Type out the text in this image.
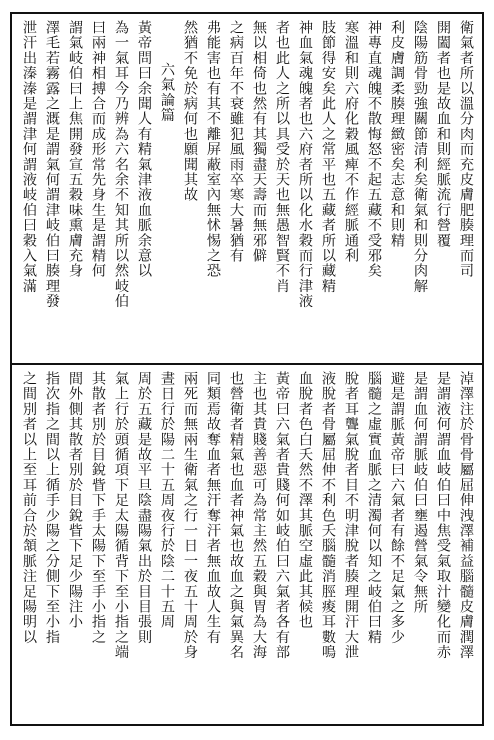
衛氣者所以溫分肉而充皮膚肥腠理而司
開闔者也是故血和則經脈流行營覆
陰陽筋骨勁強關節清利矣衛氣和則分肉解
利皮膚調柔腠理緻密矣志意和則精
神專直魂魄不散悔怒不起五藏不受邪矣
寒溫和則六府化穀風痺不作經脈通利
肢節得安矣此人之常平也五藏者所以藏精
神血氣魂魄者也六府者所以化水穀而行津液
者也此人之所以具受於天也無愚智賢不肖
無以相倚也然有其獨盡天壽而無邪僻
之病百年不衰雖犯風雨卒寒大暑猶有
弗能害也有其不離屏蔽室內無怵惕之恐
然猶不免於病何也願聞其故
六氣論篇
黃帝問曰余聞人有精氣津液血脈余意以
為一氣耳今乃辨為六名余不知其所以然岐伯
曰兩神相搏合而成形常先身生是謂精何
謂氣岐伯曰上焦開發宣五穀味熏膚充身
澤毛若霧露之溉是謂氣何謂津岐伯曰腠理發
泄汗出溱溱是謂津何謂液岐伯曰穀入氣滿
淖澤注於骨骨屬屈伸洩澤補益腦髓皮膚潤澤
是謂液何謂血岐伯曰中焦受氣取汁變化而赤
是謂血何謂脈岐伯曰壅遏營氣令無所
避是謂脈黃帝曰六氣者有餘不足氣之多少
腦髓之虛實血脈之清濁何以知之岐伯曰精
脫者耳聾氣脫者目不明津脫者腠理開汗大泄
液脫者骨屬屈伸不利色夭腦髓消脛痠耳數鳴
血脫者色白夭然不澤其脈空虛此其候也
黃帝曰六氣者貴賤何如岐伯曰六氣者各有部
主也其貴賤善惡可為常主然五穀與胃為大海
也營衛者精氣也血者神氣也故血之與氣異名
同類焉故奪血者無汗奪汗者無血故人生有
兩死而無兩生衛氣之行一日一夜五十周於身
晝日行於陽二十五周夜行於陰二十五周
周於五藏是故平旦陰盡陽氣出於目目張則
氣上行於頭循項下足太陽循背下至小指之端
其散者別於目銳眥下手太陽下至手小指之
間外側其散者別於目銳眥下足少陽注小
指次指之間以上循手少陽之分側下至小指
之間別者以上至耳前合於頷脈注足陽明以
